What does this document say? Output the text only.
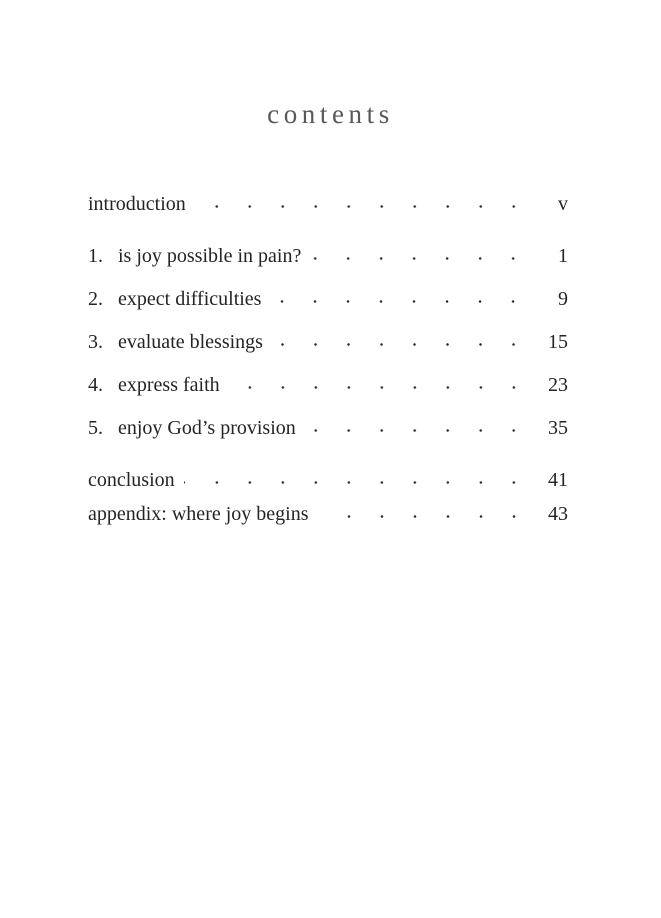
contents
introduction	v
1. is joy possible in pain?	1
2. expect difficulties	9
3. evaluate blessings	15
4. express faith	23
5. enjoy God’s provision	35
conclusion	41
appendix: where joy begins	43
